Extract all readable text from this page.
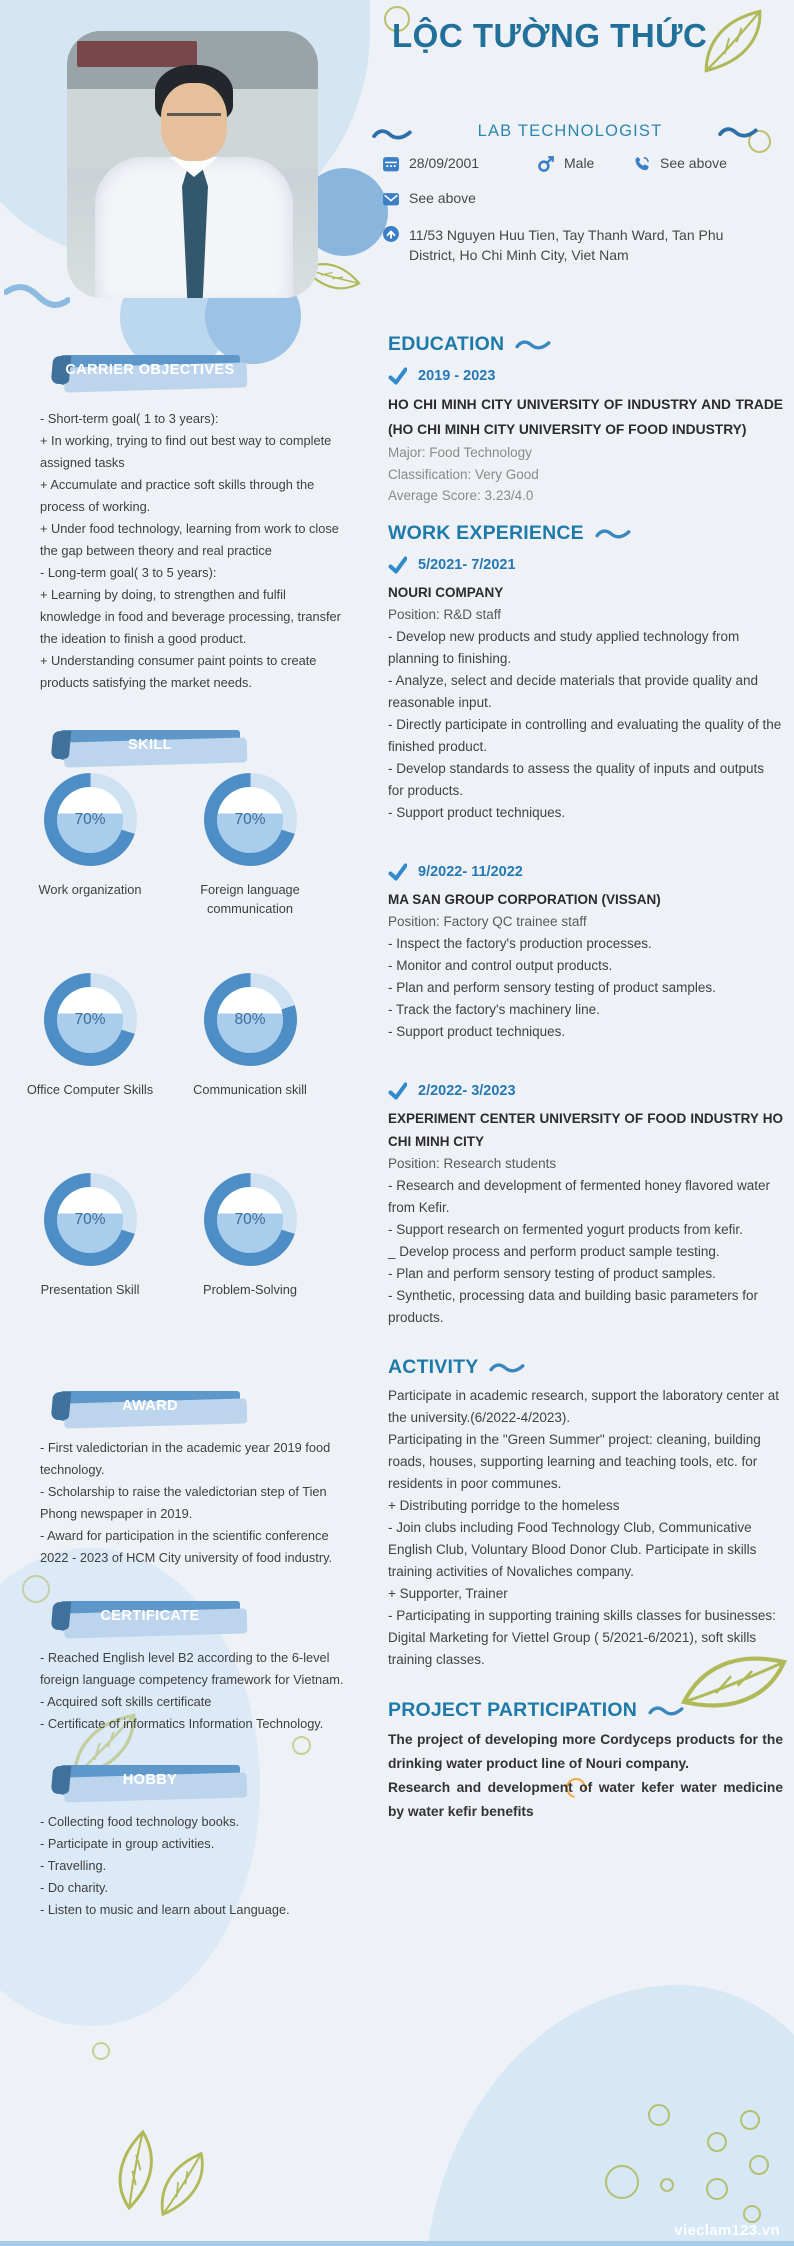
LỘC TƯỜNG THỨC
LAB TECHNOLOGIST
28/09/2001	Male	See above
See above
11/53 Nguyen Huu Tien, Tay Thanh Ward, Tan Phu District, Ho Chi Minh City, Viet Nam
CARRIER OBJECTIVES

- Short-term goal( 1 to 3 years):

+ In working, trying to find out best way to complete assigned tasks

+ Accumulate and practice soft skills through the process of working.

+ Under food technology, learning from work to close the gap between theory and real practice

- Long-term goal( 3 to 5 years):

+ Learning by doing, to strengthen and fulfil knowledge in food and beverage processing, transfer the ideation to finish a good product.

+ Understanding consumer paint points to create products satisfying the market needs.

SKILL
70%
Work organization
70%
Foreign language communication
70%
Office Computer Skills
80%
Communication skill
70%
Presentation Skill
70%
Problem-Solving
AWARD

- First valedictorian in the academic year 2019 food technology.

- Scholarship to raise the valedictorian step of Tien Phong newspaper in 2019.

- Award for participation in the scientific conference 2022 - 2023 of HCM City university of food industry.

CERTIFICATE

- Reached English level B2 according to the 6-level foreign language competency framework for Vietnam.

- Acquired soft skills certificate

- Certificate of informatics Information Technology.

HOBBY

- Collecting food technology books.

- Participate in group activities.

- Travelling.

- Do charity.

- Listen to music and learn about Language.

EDUCATION
2019 - 2023
HO CHI MINH CITY UNIVERSITY OF INDUSTRY AND TRADE (HO CHI MINH CITY UNIVERSITY OF FOOD INDUSTRY)

Major: Food Technology

Classification: Very Good

Average Score: 3.23/4.0

WORK EXPERIENCE
5/2021- 7/2021
NOURI COMPANY
Position: R&D staff

- Develop new products and study applied technology from planning to finishing.

- Analyze, select and decide materials that provide quality and reasonable input.

- Directly participate in controlling and evaluating the quality of the finished product.

- Develop standards to assess the quality of inputs and outputs for products.

- Support product techniques.

9/2022- 11/2022
MA SAN GROUP CORPORATION (VISSAN)
Position: Factory QC trainee staff

- Inspect the factory's production processes.

- Monitor and control output products.

- Plan and perform sensory testing of product samples.

- Track the factory's machinery line.

- Support product techniques.

2/2022- 3/2023
EXPERIMENT CENTER UNIVERSITY OF FOOD INDUSTRY HO CHI MINH CITY
Position: Research students

- Research and development of fermented honey flavored water from Kefir.

- Support research on fermented yogurt products from kefir.

_ Develop process and perform product sample testing.

- Plan and perform sensory testing of product samples.

- Synthetic, processing data and building basic parameters for products.

ACTIVITY

Participate in academic research, support the laboratory center at the university.(6/2022-4/2023).

Participating in the "Green Summer" project: cleaning, building roads, houses, supporting learning and teaching tools, etc. for residents in poor communes.

+ Distributing porridge to the homeless

- Join clubs including Food Technology Club, Communicative English Club, Voluntary Blood Donor Club. Participate in skills training activities of Novaliches company.

+ Supporter, Trainer

- Participating in supporting training skills classes for businesses: Digital Marketing for Viettel Group ( 5/2021-6/2021), soft skills training classes.

PROJECT PARTICIPATION

The project of developing more Cordyceps products for the drinking water product line of Nouri company.

Research and development of water kefer water medicine by water kefir benefits

vieclam123.vn
